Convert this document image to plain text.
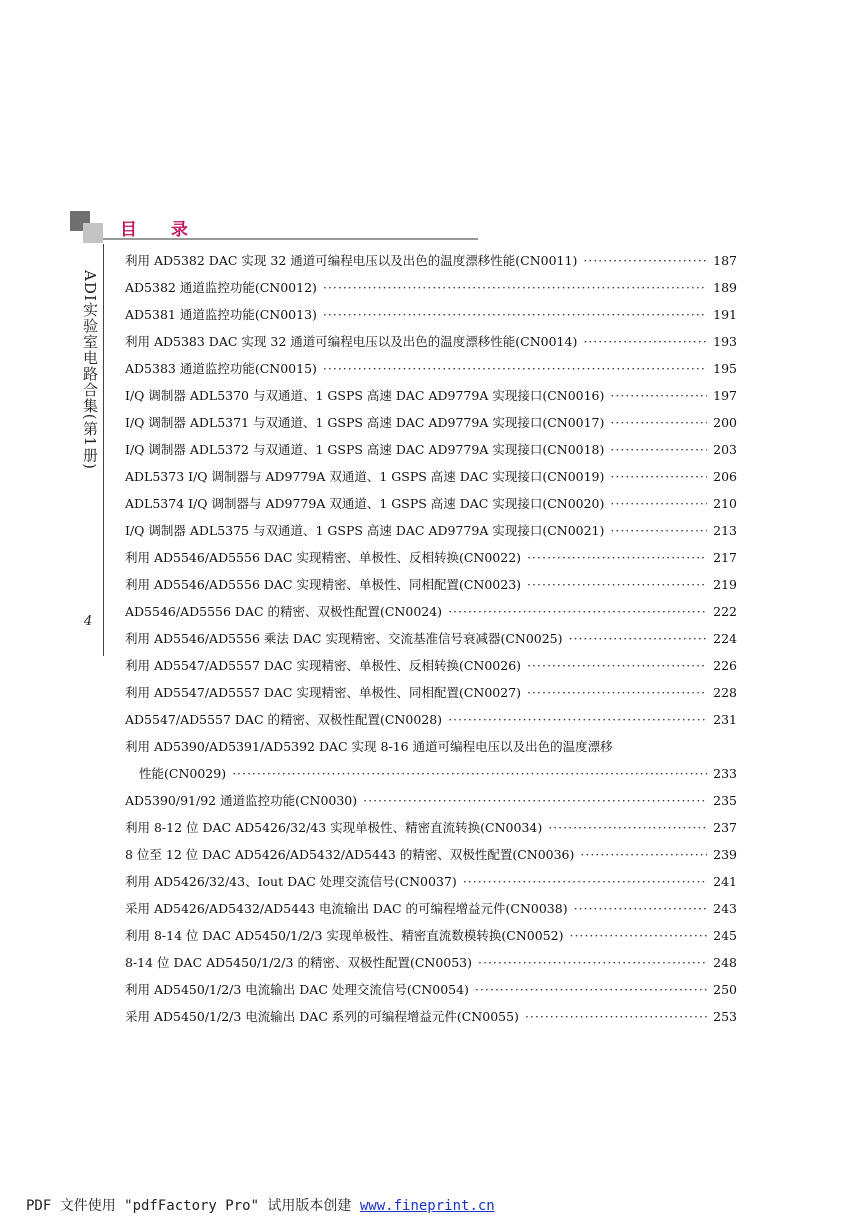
目 录
ADI实验室电路合集(第1册)
4
利用 AD5382 DAC 实现 32 通道可编程电压以及出色的温度漂移性能(CN0011) ·····	187
AD5382 通道监控功能(CN0012) ·····	189
AD5381 通道监控功能(CN0013) ·····	191
利用 AD5383 DAC 实现 32 通道可编程电压以及出色的温度漂移性能(CN0014) ·····	193
AD5383 通道监控功能(CN0015) ·····	195
I/Q 调制器 ADL5370 与双通道、1 GSPS 高速 DAC AD9779A 实现接口(CN0016) ·····	197
I/Q 调制器 ADL5371 与双通道、1 GSPS 高速 DAC AD9779A 实现接口(CN0017) ·····	200
I/Q 调制器 ADL5372 与双通道、1 GSPS 高速 DAC AD9779A 实现接口(CN0018) ·····	203
ADL5373 I/Q 调制器与 AD9779A 双通道、1 GSPS 高速 DAC 实现接口(CN0019) ·····	206
ADL5374 I/Q 调制器与 AD9779A 双通道、1 GSPS 高速 DAC 实现接口(CN0020) ·····	210
I/Q 调制器 ADL5375 与双通道、1 GSPS 高速 DAC AD9779A 实现接口(CN0021) ·····	213
利用 AD5546/AD5556 DAC 实现精密、单极性、反相转换(CN0022) ·····	217
利用 AD5546/AD5556 DAC 实现精密、单极性、同相配置(CN0023) ·····	219
AD5546/AD5556 DAC 的精密、双极性配置(CN0024) ·····	222
利用 AD5546/AD5556 乘法 DAC 实现精密、交流基准信号衰减器(CN0025) ·····	224
利用 AD5547/AD5557 DAC 实现精密、单极性、反相转换(CN0026) ·····	226
利用 AD5547/AD5557 DAC 实现精密、单极性、同相配置(CN0027) ·····	228
AD5547/AD5557 DAC 的精密、双极性配置(CN0028) ·····	231
利用 AD5390/AD5391/AD5392 DAC 实现 8-16 通道可编程电压以及出色的温度漂移
性能(CN0029) ·····	233
AD5390/91/92 通道监控功能(CN0030) ·····	235
利用 8-12 位 DAC AD5426/32/43 实现单极性、精密直流转换(CN0034) ·····	237
8 位至 12 位 DAC AD5426/AD5432/AD5443 的精密、双极性配置(CN0036) ·····	239
利用 AD5426/32/43、Iout DAC 处理交流信号(CN0037) ·····	241
采用 AD5426/AD5432/AD5443 电流输出 DAC 的可编程增益元件(CN0038) ·····	243
利用 8-14 位 DAC AD5450/1/2/3 实现单极性、精密直流数模转换(CN0052) ·····	245
8-14 位 DAC AD5450/1/2/3 的精密、双极性配置(CN0053) ·····	248
利用 AD5450/1/2/3 电流输出 DAC 处理交流信号(CN0054) ·····	250
采用 AD5450/1/2/3 电流输出 DAC 系列的可编程增益元件(CN0055) ·····	253
PDF 文件使用 "pdfFactory Pro" 试用版本创建 www.fineprint.cn
